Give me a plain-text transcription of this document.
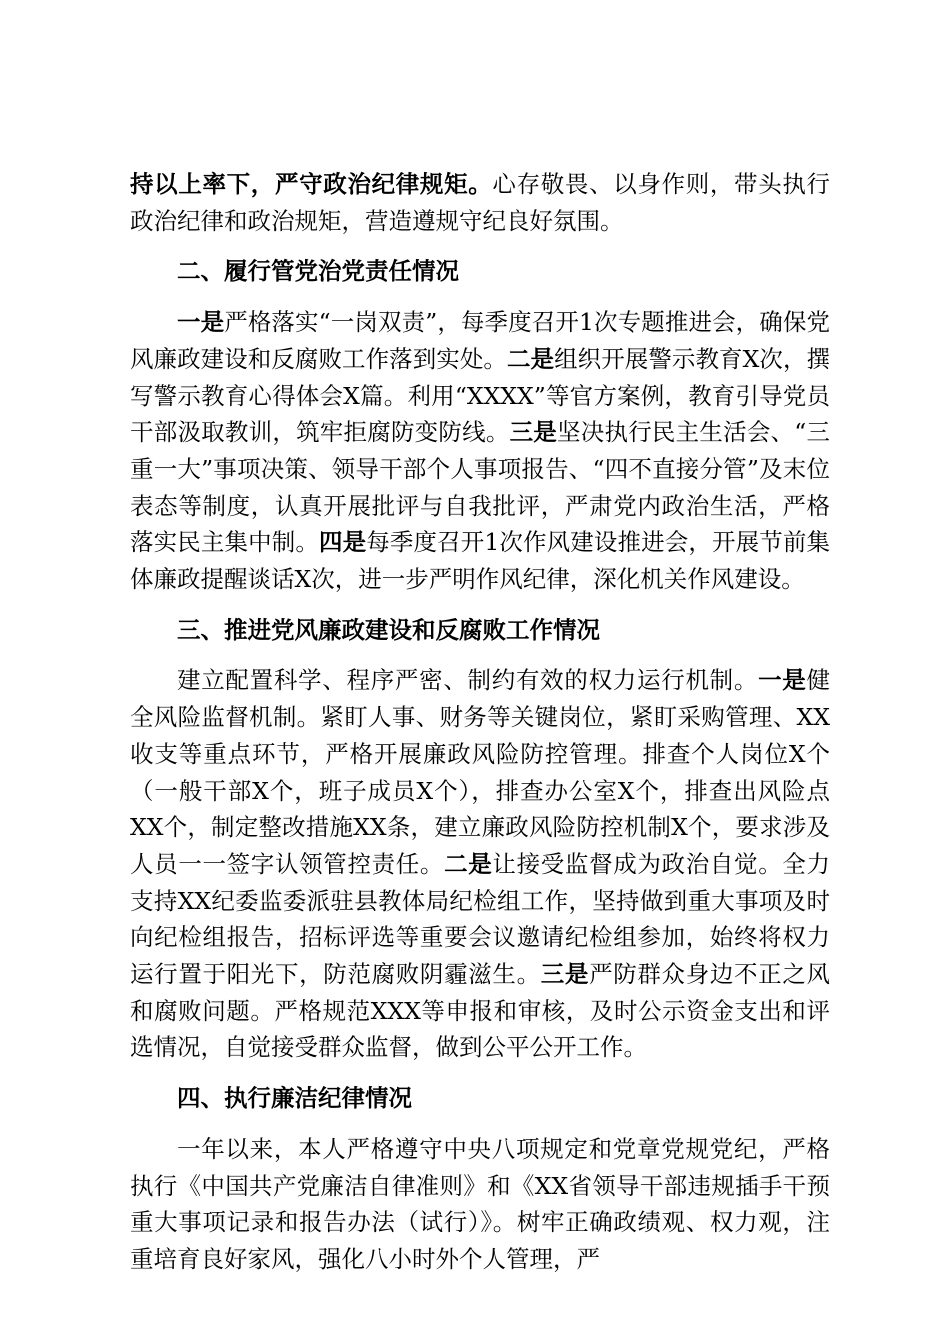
持以上率下，严守政治纪律规矩。心存敬畏、以身作则，带头执行政治纪律和政治规矩，营造遵规守纪良好氛围。

二、履行管党治党责任情况

一是严格落实“一岗双责”，每季度召开1次专题推进会，确保党风廉政建设和反腐败工作落到实处。二是组织开展警示教育X次，撰写警示教育心得体会X篇。利用“XXXX”等官方案例，教育引导党员干部汲取教训，筑牢拒腐防变防线。三是坚决执行民主生活会、“三重一大”事项决策、领导干部个人事项报告、“四不直接分管”及末位表态等制度，认真开展批评与自我批评，严肃党内政治生活，严格落实民主集中制。四是每季度召开1次作风建设推进会，开展节前集体廉政提醒谈话X次，进一步严明作风纪律，深化机关作风建设。

三、推进党风廉政建设和反腐败工作情况

建立配置科学、程序严密、制约有效的权力运行机制。一是健全风险监督机制。紧盯人事、财务等关键岗位，紧盯采购管理、XX收支等重点环节，严格开展廉政风险防控管理。排查个人岗位X个（一般干部X个，班子成员X个），排查办公室X个，排查出风险点XX个，制定整改措施XX条，建立廉政风险防控机制X个，要求涉及人员一一签字认领管控责任。二是让接受监督成为政治自觉。全力支持XX纪委监委派驻县教体局纪检组工作，坚持做到重大事项及时向纪检组报告，招标评选等重要会议邀请纪检组参加，始终将权力运行置于阳光下，防范腐败阴霾滋生。三是严防群众身边不正之风和腐败问题。严格规范XXX等申报和审核，及时公示资金支出和评选情况，自觉接受群众监督，做到公平公开工作。

四、执行廉洁纪律情况

一年以来，本人严格遵守中央八项规定和党章党规党纪，严格执行《中国共产党廉洁自律准则》和《XX省领导干部违规插手干预重大事项记录和报告办法（试行）》。树牢正确政绩观、权力观，注重培育良好家风，强化八小时外个人管理，严
